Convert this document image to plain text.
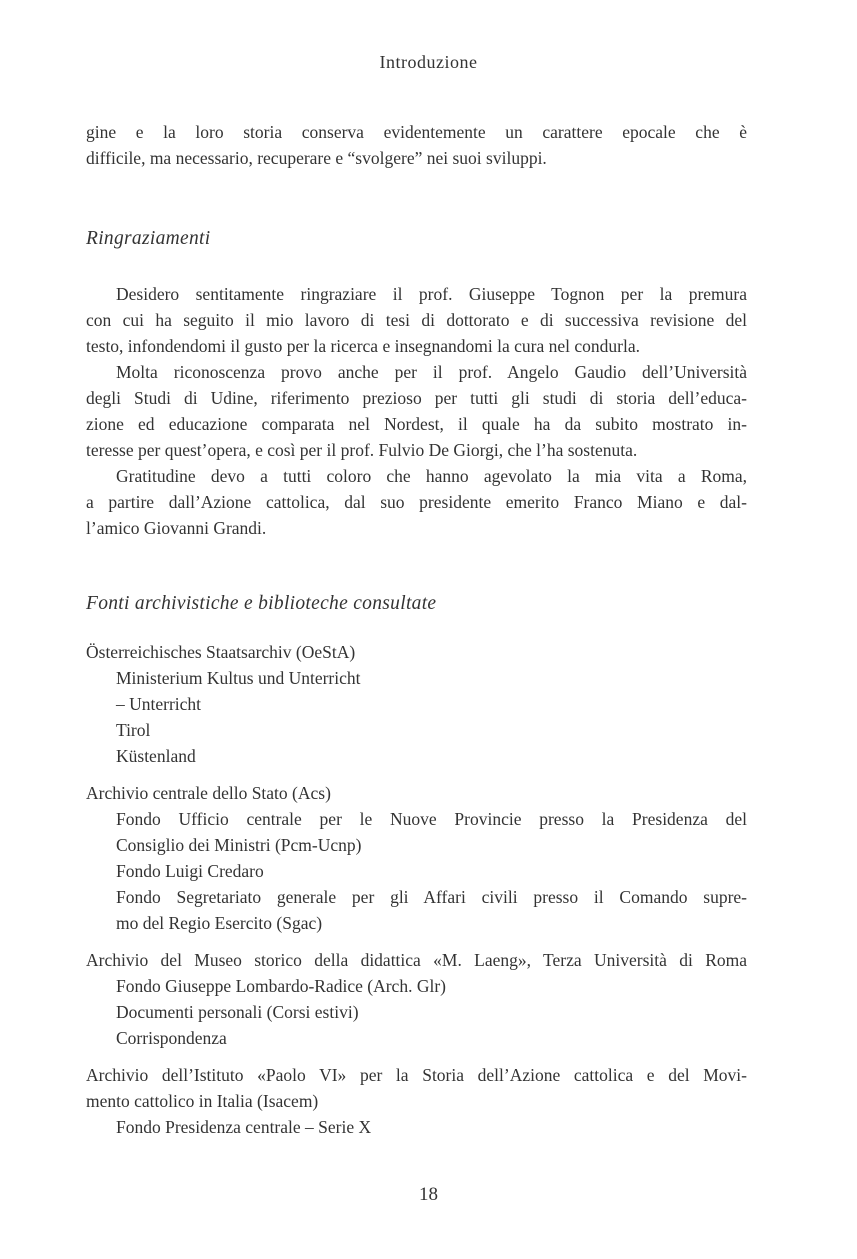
Introduzione
gine e la loro storia conserva evidentemente un carattere epocale che è
difficile, ma necessario, recuperare e “svolgere” nei suoi sviluppi.
Ringraziamenti
Desidero sentitamente ringraziare il prof. Giuseppe Tognon per la premura
con cui ha seguito il mio lavoro di tesi di dottorato e di successiva revisione del
testo, infondendomi il gusto per la ricerca e insegnandomi la cura nel condurla.
Molta riconoscenza provo anche per il prof. Angelo Gaudio dell’Università
degli Studi di Udine, riferimento prezioso per tutti gli studi di storia dell’educa-
zione ed educazione comparata nel Nordest, il quale ha da subito mostrato in-
teresse per quest’opera, e così per il prof. Fulvio De Giorgi, che l’ha sostenuta.
Gratitudine devo a tutti coloro che hanno agevolato la mia vita a Roma,
a partire dall’Azione cattolica, dal suo presidente emerito Franco Miano e dal-
l’amico Giovanni Grandi.
Fonti archivistiche e biblioteche consultate
Österreichisches Staatsarchiv (OeStA)
Ministerium Kultus und Unterricht
– Unterricht
Tirol
Küstenland
Archivio centrale dello Stato (Acs)
Fondo Ufficio centrale per le Nuove Provincie presso la Presidenza del
Consiglio dei Ministri (Pcm-Ucnp)
Fondo Luigi Credaro
Fondo Segretariato generale per gli Affari civili presso il Comando supre-
mo del Regio Esercito (Sgac)
Archivio del Museo storico della didattica «M. Laeng», Terza Università di Roma
Fondo Giuseppe Lombardo-Radice (Arch. Glr)
Documenti personali (Corsi estivi)
Corrispondenza
Archivio dell’Istituto «Paolo VI» per la Storia dell’Azione cattolica e del Movi-
mento cattolico in Italia (Isacem)
Fondo Presidenza centrale – Serie X
18
